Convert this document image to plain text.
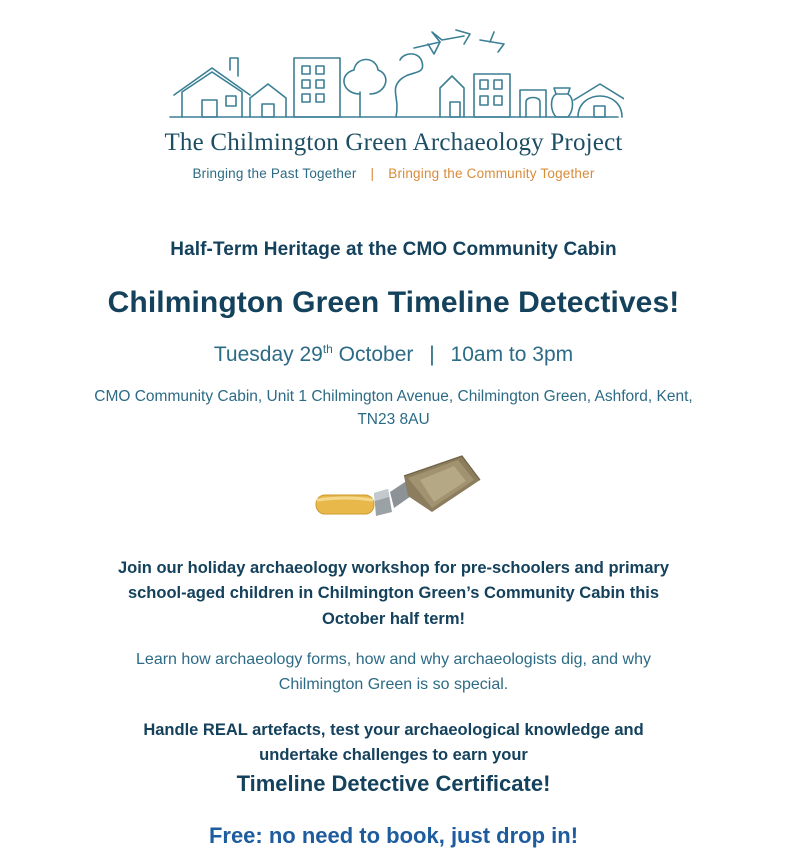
The Chilmington Green Archaeology Project
Bringing the Past Together | Bringing the Community Together
Half-Term Heritage at the CMO Community Cabin
Chilmington Green Timeline Detectives!
Tuesday 29th October | 10am to 3pm
CMO Community Cabin, Unit 1 Chilmington Avenue, Chilmington Green, Ashford, Kent, TN23 8AU
Join our holiday archaeology workshop for pre-schoolers and primary school-aged children in Chilmington Green’s Community Cabin this October half term!
Learn how archaeology forms, how and why archaeologists dig, and why Chilmington Green is so special.
Handle REAL artefacts, test your archaeological knowledge and undertake challenges to earn your
Timeline Detective Certificate!
Free: no need to book, just drop in!
